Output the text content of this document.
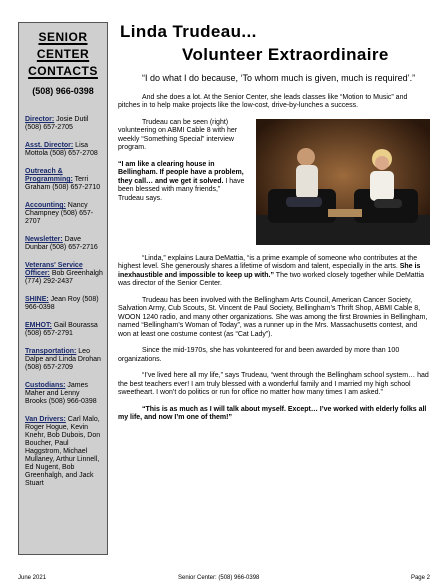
SENIOR
CENTER
CONTACTS
(508) 966-0398
Director: Josie Dutil (508) 657-2705
Asst. Director: Lisa Mottola (508) 657-2708
Outreach & Programming: Terri Graham (508) 657-2710
Accounting: Nancy Champney (508) 657-2707
Newsletter: Dave Dunbar (508) 657-2716
Veterans' Service Officer: Bob Greenhalgh (774) 292-2437
SHINE: Jean Roy (508) 966-0398
EMHOT: Gail Bourassa (508) 657-2791
Transportation: Leo Dalpe and Linda Drohan (508) 657-2709
Custodians: James Maher and Lenny Brooks (508) 966-0398
Van Drivers: Carl Malo, Roger Hogue, Kevin Knehr, Bob Dubois, Don Boucher, Paul Haggstrom, Michael Mullaney, Arthur Linnell, Ed Nugent, Bob Greenhalgh, and Jack Stuart
Linda Trudeau...
Volunteer Extraordinaire

“I do what I do because, ‘To whom much is given, much is required’.”

And she does a lot. At the Senior Center, she leads classes like “Motion to Music” and pitches in to help make projects like the low-cost, drive-by-lunches a success.

Trudeau can be seen (right) volunteering on ABMI Cable 8 with her weekly “Something Special” interview program.

“I am like a clearing house in Bellingham. If people have a problem, they call… and we get it solved. I have been blessed with many friends,” Trudeau says.

“Linda,” explains Laura DeMattia, “is a prime example of someone who contributes at the highest level. She generously shares a lifetime of wisdom and talent, especially in the arts. She is inexhaustible and impossible to keep up with.” The two worked closely together while DeMattia was director of the Senior Center.

Trudeau has been involved with the Bellingham Arts Council, American Cancer Society, Salvation Army, Cub Scouts, St. Vincent de Paul Society, Bellingham’s Thrift Shop, ABMI Cable 8, WOON 1240 radio, and many other organizations. She was among the first Brownies in Bellingham, named “Bellingham’s Woman of Today”, was a runner up in the Mrs. Massachusetts contest, and won at least one costume contest (as “Cat Lady”).

Since the mid-1970s, she has volunteered for and been awarded by more than 100 organizations.

“I’ve lived here all my life,” says Trudeau, “went through the Bellingham school system… had the best teachers ever! I am truly blessed with a wonderful family and I married my high school sweetheart. I won’t do politics or run for office no matter how many times I am asked.”

“This is as much as I will talk about myself. Except… I’ve worked with elderly folks all my life, and now I’m one of them!”

June 2021	Senior Center: (508) 966-0398	Page 2
